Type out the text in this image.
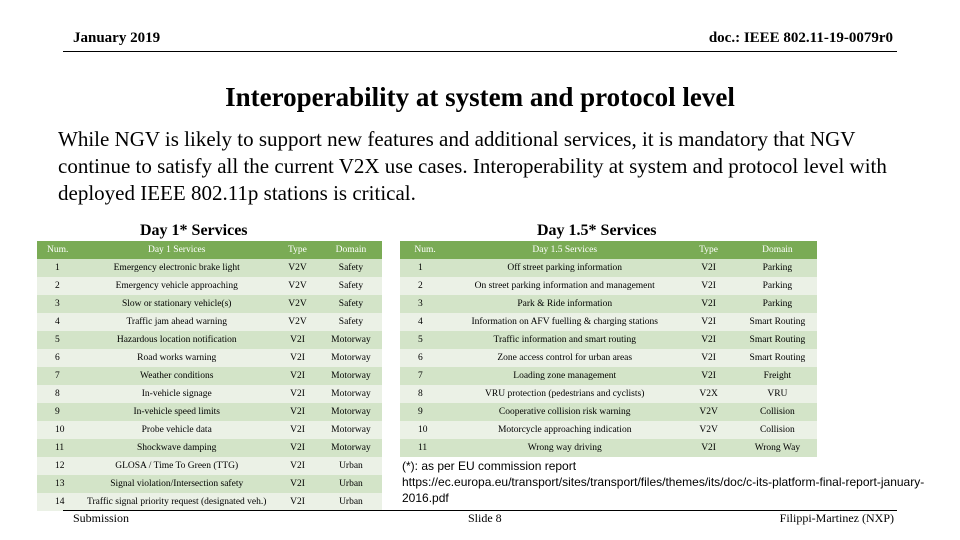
January 2019	doc.: IEEE 802.11-19-0079r0
Interoperability at system and protocol level
While NGV is likely to support new features and additional services, it is mandatory that NGV continue to satisfy all the current V2X use cases. Interoperability at system and protocol level with deployed IEEE 802.11p stations is critical.
Day 1* Services	Day 1.5* Services
Num.	Day 1 Services	Type	Domain
1	Emergency electronic brake light	V2V	Safety
2	Emergency vehicle approaching	V2V	Safety
3	Slow or stationary vehicle(s)	V2V	Safety
4	Traffic jam ahead warning	V2V	Safety
5	Hazardous location notification	V2I	Motorway
6	Road works warning	V2I	Motorway
7	Weather conditions	V2I	Motorway
8	In-vehicle signage	V2I	Motorway
9	In-vehicle speed limits	V2I	Motorway
10	Probe vehicle data	V2I	Motorway
11	Shockwave damping	V2I	Motorway
12	GLOSA / Time To Green (TTG)	V2I	Urban
13	Signal violation/Intersection safety	V2I	Urban
14	Traffic signal priority request (designated veh.)	V2I	Urban
Num.	Day 1.5 Services	Type	Domain
1	Off street parking information	V2I	Parking
2	On street parking information and management	V2I	Parking
3	Park & Ride information	V2I	Parking
4	Information on AFV fuelling & charging stations	V2I	Smart Routing
5	Traffic information and smart routing	V2I	Smart Routing
6	Zone access control for urban areas	V2I	Smart Routing
7	Loading zone management	V2I	Freight
8	VRU protection (pedestrians and cyclists)	V2X	VRU
9	Cooperative collision risk warning	V2V	Collision
10	Motorcycle approaching indication	V2V	Collision
11	Wrong way driving	V2I	Wrong Way
(*): as per EU commission report
https://ec.europa.eu/transport/sites/transport/files/themes/its/doc/c-its-platform-final-report-january-2016.pdf
Submission	Slide 8	Filippi-Martinez (NXP)
